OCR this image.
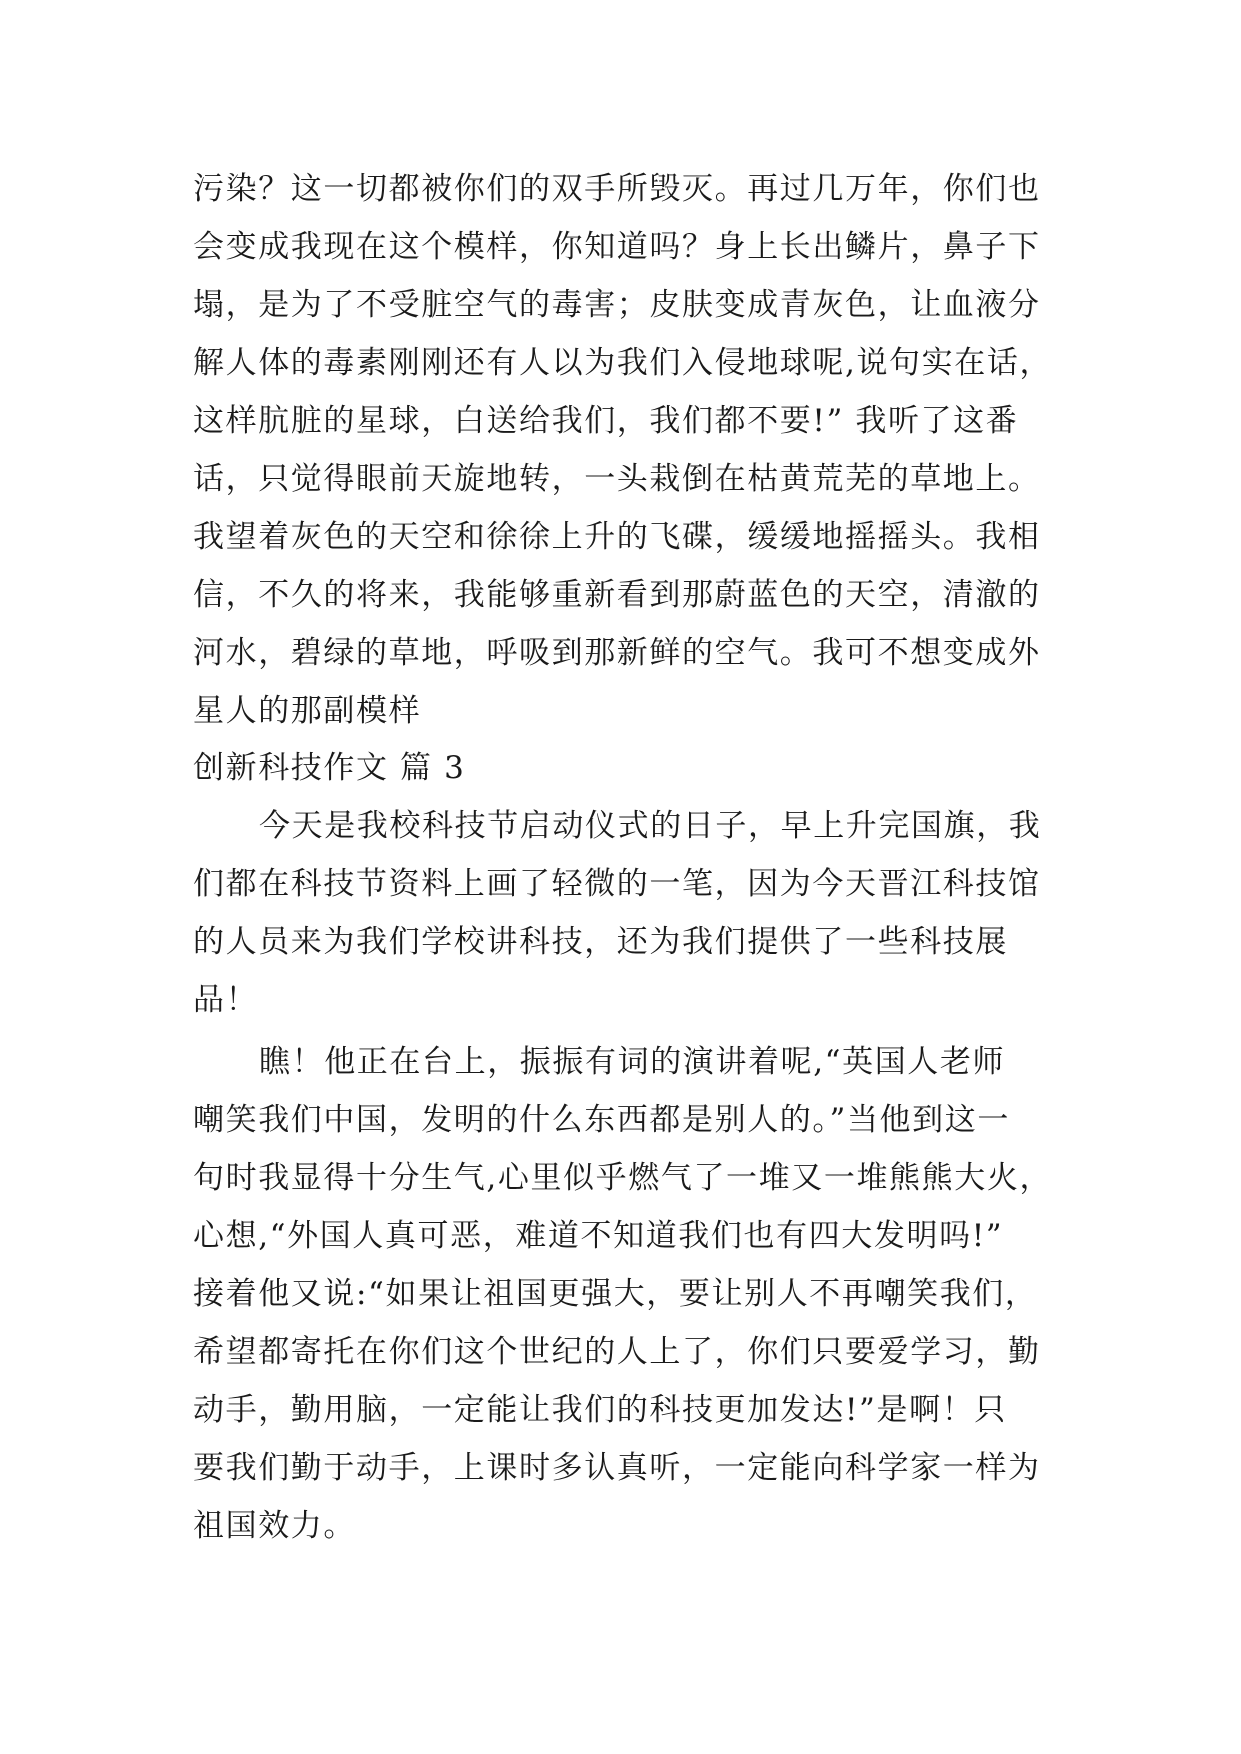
污染？这一切都被你们的双手所毁灭。再过几万年，你们也
会变成我现在这个模样，你知道吗？身上长出鳞片，鼻子下
塌，是为了不受脏空气的毒害；皮肤变成青灰色，让血液分
解人体的毒素刚刚还有人以为我们入侵地球呢,说句实在话，
这样肮脏的星球，白送给我们，我们都不要!” 我听了这番
话，只觉得眼前天旋地转，一头栽倒在枯黄荒芜的草地上。
我望着灰色的天空和徐徐上升的飞碟，缓缓地摇摇头。我相
信，不久的将来，我能够重新看到那蔚蓝色的天空，清澈的
河水，碧绿的草地，呼吸到那新鲜的空气。我可不想变成外
星人的那副模样
创新科技作文 篇 3
今天是我校科技节启动仪式的日子，早上升完国旗，我
们都在科技节资料上画了轻微的一笔，因为今天晋江科技馆
的人员来为我们学校讲科技，还为我们提供了一些科技展
品！
瞧！他正在台上，振振有词的演讲着呢,“英国人老师
嘲笑我们中国，发明的什么东西都是别人的。”当他到这一
句时我显得十分生气,心里似乎燃气了一堆又一堆熊熊大火，
心想,“外国人真可恶，难道不知道我们也有四大发明吗!”
接着他又说:“如果让祖国更强大，要让别人不再嘲笑我们，
希望都寄托在你们这个世纪的人上了，你们只要爱学习，勤
动手，勤用脑，一定能让我们的科技更加发达!”是啊！只
要我们勤于动手，上课时多认真听，一定能向科学家一样为
祖国效力。
